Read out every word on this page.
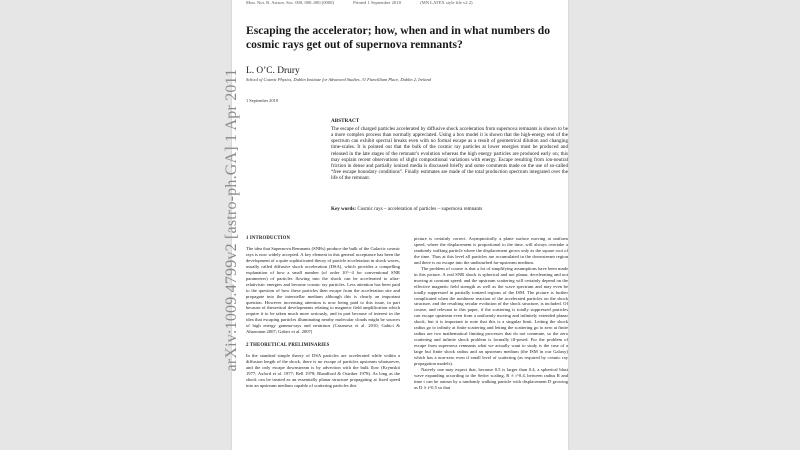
Mon. Not. R. Astron. Soc. 000, 000–000 (0000)	Printed 1 September 2018	(MN LATEX style file v2.2)
Escaping the accelerator; how, when and in what numbers do cosmic rays get out of supernova remnants?
L. O’C. Drury
School of Cosmic Physics, Dublin Institute for Advanced Studies, 31 Fitzwilliam Place, Dublin 2, Ireland
1 September 2018
ABSTRACT
The escape of charged particles accelerated by diffusive shock acceleration from supernova remnants is shown to be a more complex process than normally appreciated. Using a box model it is shown that the high-energy end of the spectrum can exhibit spectral breaks even with no formal escape as a result of geometrical dilution and changing time-scales. It is pointed out that the bulk of the cosmic ray particles at lower energies must be produced and released in the late stages of the remnant’s evolution whereas the high energy particles are produced early on; this may explain recent observations of slight compositional variations with energy. Escape resulting from ion-neutral friction in dense and partially ionized media is discussed briefly and some comments made on the use of so-called “free escape boundary conditions”. Finally estimates are made of the total production spectrum integrated over the life of the remnant.
Key words: Cosmic rays – acceleration of particles – supernova remnants
1 INTRODUCTION
The idea that Supernova Remnants (SNRs) produce the bulk of the Galactic cosmic rays is now widely accepted. A key element in this general acceptance has been the development of a quite sophisticated theory of particle acceleration in shock waves, usually called diffusive shock acceleration (DSA), which provides a compelling explanation of how a small number (of order 10^−4 for conventional SNR parameters) of particles flowing into the shock can be accelerated to ultra-relativistic energies and become cosmic ray particles. Less attention has been paid to the question of how these particles then escape from the acceleration site and propagate into the interstellar medium although this is clearly an important question. However increasing attention is now being paid to this issue, in part because of theoretical developments relating to magnetic field amplification which require it to be taken much more seriously, and in part because of interest in the idea that escaping particles illuminating nearby molecular clouds might be sources of high energy gamma-rays and neutrinos (Casanova et al. 2010; Gabici & Aharonian 2007; Gabici et al. 2007)
2 THEORETICAL PRELIMINARIES
In the standard simple theory of DSA particles are accelerated while within a diffusion length of the shock, there is no escape of particles upstream whatsoever, and the only escape downstream is by advection with the bulk flow (Krymskii 1977; Axford et al. 1977; Bell 1978; Blandford & Ostriker 1978). As long as the shock can be treated as an essentially planar structure propagating at fixed speed into an upstream medium capable of scattering particles this
picture is certainly correct. Asymptotically a plane surface moving at uniform speed, where the displacement is proportional to the time, will always overtake a randomly walking particle where the displacement grows only as the square root of the time. Thus at this level all particles are accumulated in the downstream region and there is no escape into the undisturbed far-upstream medium.
The problem of course is that a lot of simplifying assumptions have been made in this picture. A real SNR shock is spherical and not planar, decelerating and not moving at constant speed; and the upstream scattering will certainly depend on the effective magnetic field strength as well as the wave spectrum and may even be totally suppressed in partially ionized regions of the ISM. The picture is further complicated when the nonlinear reaction of the accelerated particles on the shock structure, and the resulting secular evolution of the shock structure, is included. Of course, and relevant to this paper, if the scattering is totally suppressed particles can escape upstream even from a uniformly moving and infinitely extended planar shock, but it is important to note that this is a singular limit. Letting the shock radius go to infinity at finite scattering and letting the scattering go to zero at finite radius are two mathematical limiting processes that do not commute, so the zero scattering and infinite shock problem is formally ill-posed. For the problem of escape from supernova remnants what we actually want to study is the case of a large but finite shock radius and an upstream medium (the ISM in our Galaxy) which has a non-zero even if small level of scattering (as required by cosmic ray propagation models).
Naively one may expect that, because 0.5 is larger than 0.4, a spherical blast wave expanding according to the Sedov scaling, R ∝ t^0.4, between radius R and time t can be outrun by a randomly walking particle with displacement D growing as D ∝ t^0.5 so that
arXiv:1009.4799v2 [astro-ph.GA] 1 Apr 2011
